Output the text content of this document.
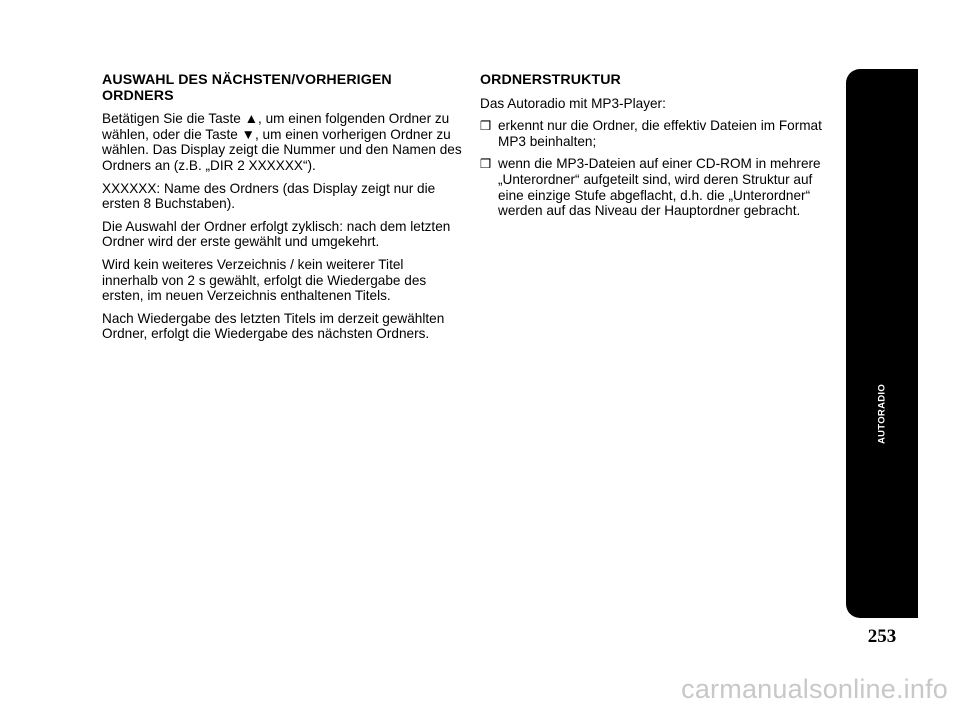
AUSWAHL DES NÄCHSTEN/VORHERIGEN ORDNERS

Betätigen Sie die Taste ▲, um einen folgenden Ordner zu wählen, oder die Taste ▼, um einen vorherigen Ordner zu wählen. Das Display zeigt die Nummer und den Namen des Ordners an (z.B. „DIR 2 XXXXXX“).

XXXXXX: Name des Ordners (das Display zeigt nur die ersten 8 Buchstaben).

Die Auswahl der Ordner erfolgt zyklisch: nach dem letzten Ordner wird der erste gewählt und umgekehrt.

Wird kein weiteres Verzeichnis / kein weiterer Titel innerhalb von 2 s gewählt, erfolgt die Wiedergabe des ersten, im neuen Verzeichnis enthaltenen Titels.

Nach Wiedergabe des letzten Titels im derzeit gewählten Ordner, erfolgt die Wiedergabe des nächsten Ordners.

ORDNERSTRUKTUR

Das Autoradio mit MP3-Player:

❒ erkennt nur die Ordner, die effektiv Dateien im Format MP3 beinhalten;
❒ wenn die MP3-Dateien auf einer CD-ROM in mehrere „Unterordner“ aufgeteilt sind, wird deren Struktur auf eine einzige Stufe abgeflacht, d.h. die „Unterordner“ werden auf das Niveau der Hauptordner gebracht.
AUTORADIO
253
carmanualsonline.info
